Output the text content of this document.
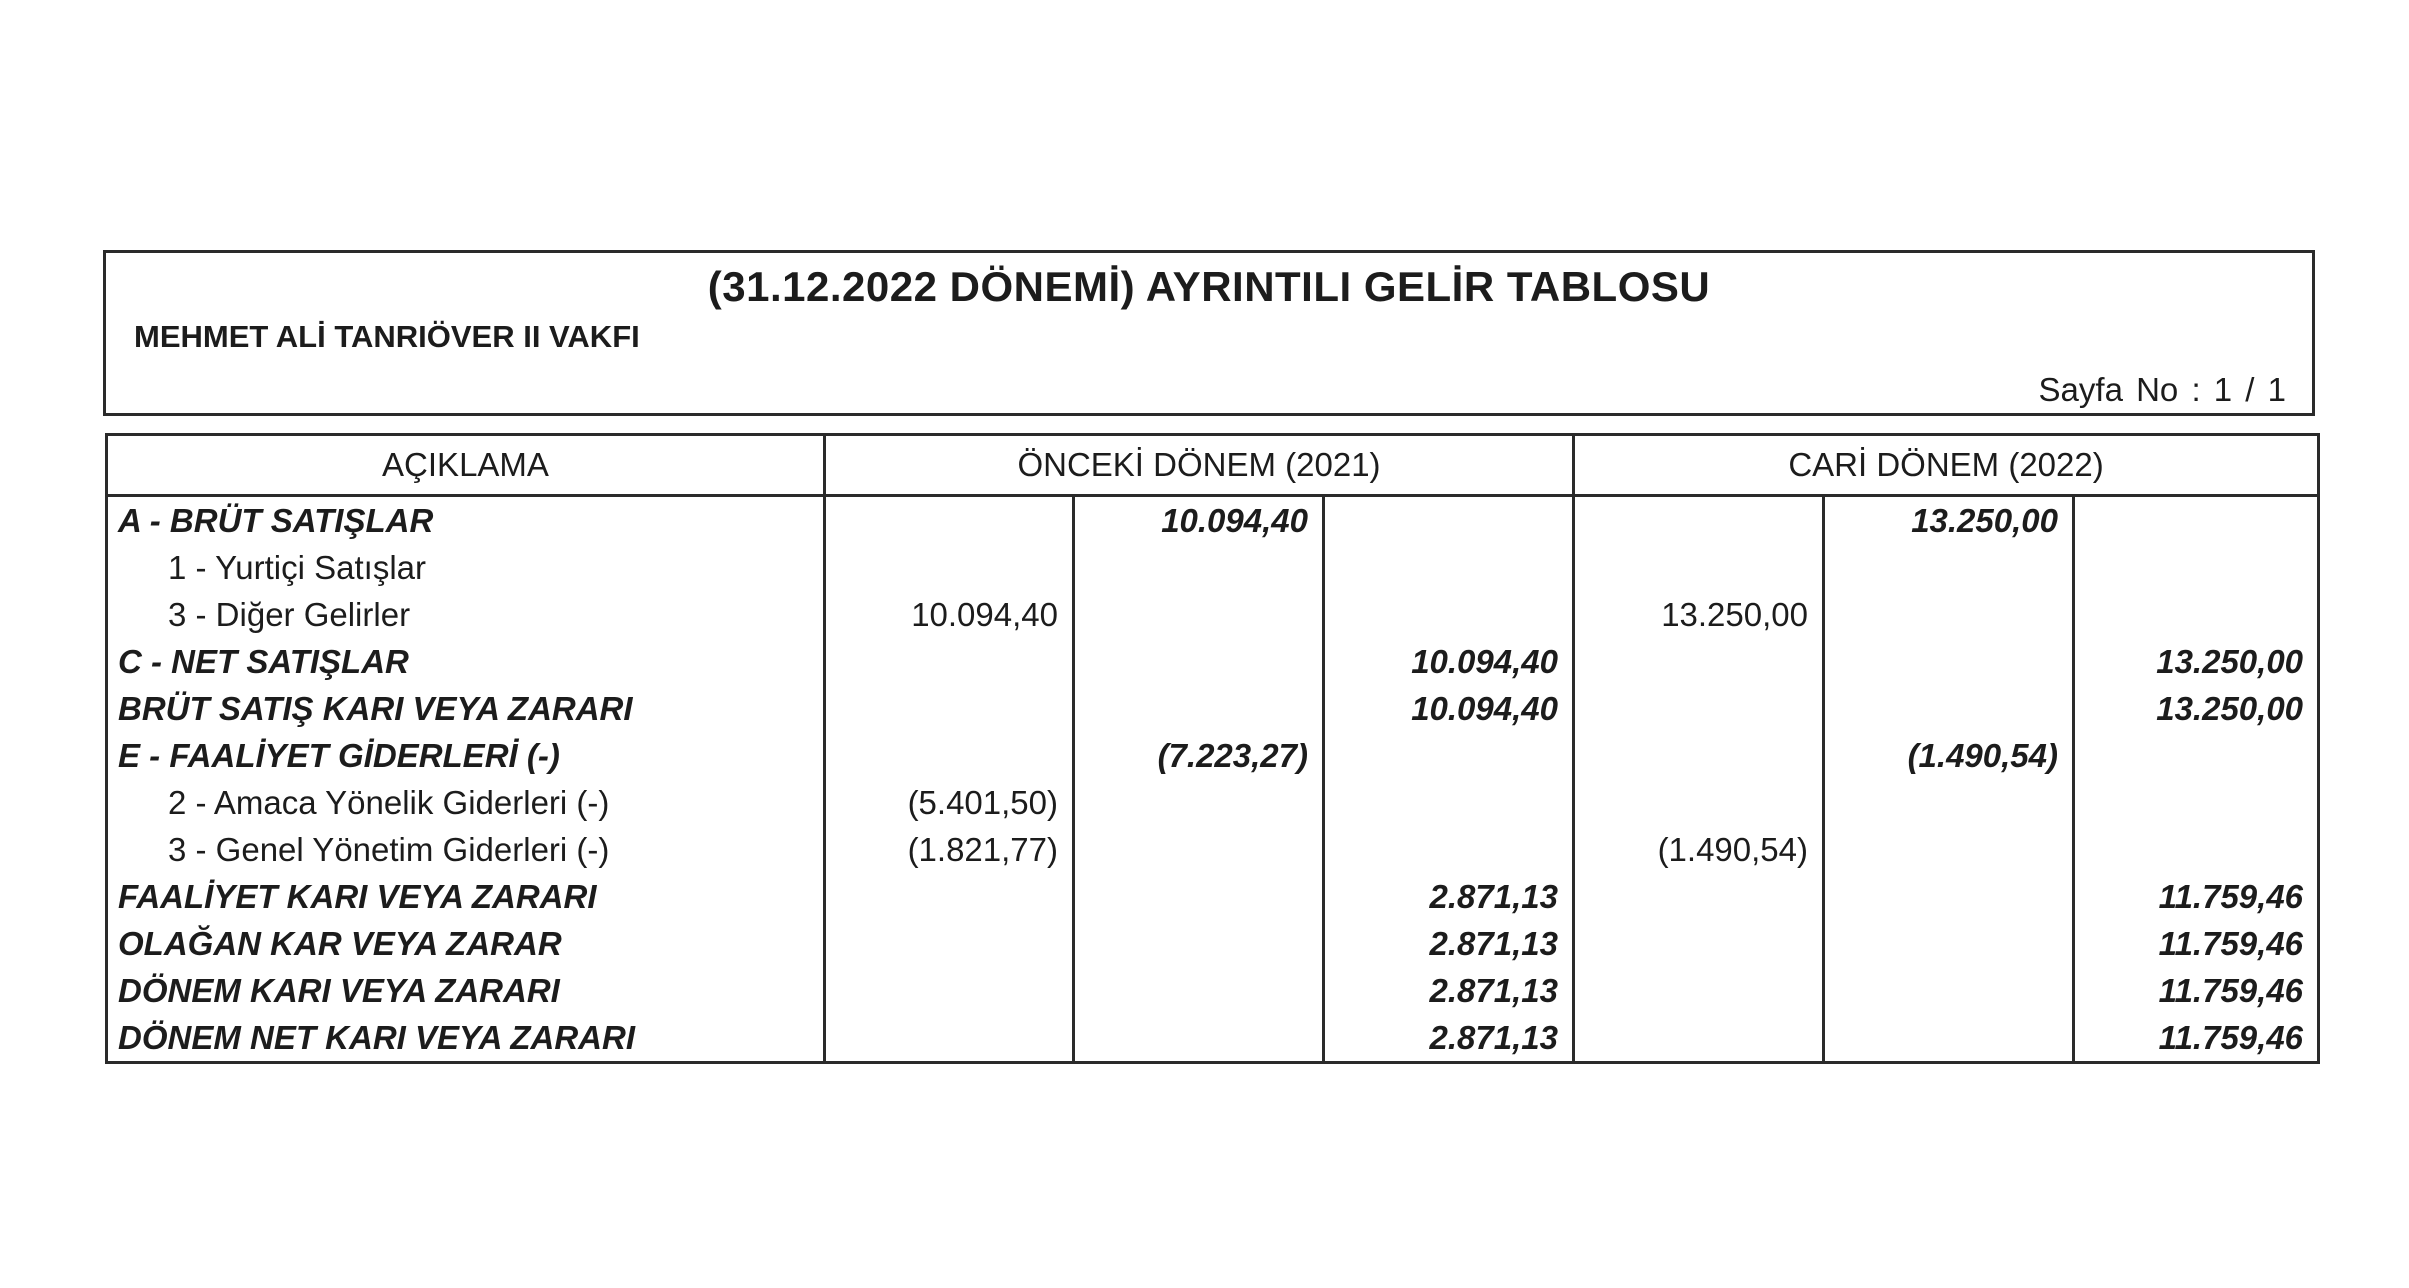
(31.12.2022 DÖNEMİ) AYRINTILI GELİR TABLOSU
MEHMET ALİ TANRIÖVER II VAKFI
Sayfa No : 1 / 1
AÇIKLAMA	ÖNCEKİ DÖNEM (2021)			CARİ DÖNEM (2022)		
A - BRÜT SATIŞLAR		10.094,40			13.250,00	
1 - Yurtiçi Satışlar						
3 - Diğer Gelirler	10.094,40			13.250,00		
C - NET SATIŞLAR			10.094,40			13.250,00
BRÜT SATIŞ KARI VEYA ZARARI			10.094,40			13.250,00
E - FAALİYET GİDERLERİ (-)		(7.223,27)			(1.490,54)	
2 - Amaca Yönelik Giderleri (-)	(5.401,50)					
3 - Genel Yönetim Giderleri (-)	(1.821,77)			(1.490,54)		
FAALİYET KARI VEYA ZARARI			2.871,13			11.759,46
OLAĞAN KAR VEYA ZARAR			2.871,13			11.759,46
DÖNEM KARI VEYA ZARARI			2.871,13			11.759,46
DÖNEM NET KARI VEYA ZARARI			2.871,13			11.759,46
